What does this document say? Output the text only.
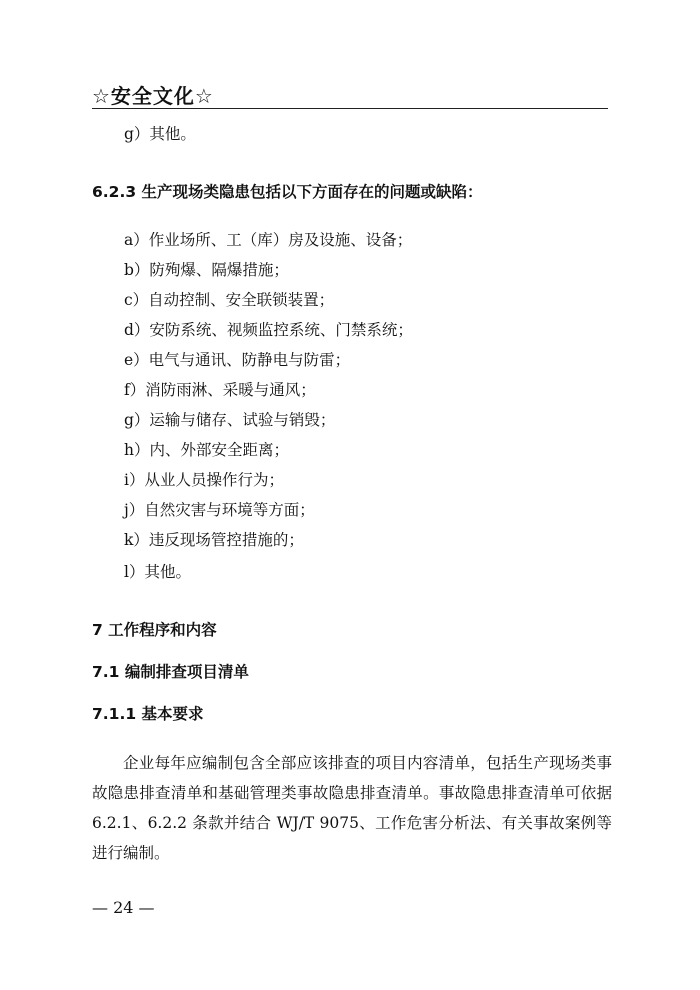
☆安全文化☆
g）其他。
6.2.3 生产现场类隐患包括以下方面存在的问题或缺陷：
a）作业场所、工（库）房及设施、设备；
b）防殉爆、隔爆措施；
c）自动控制、安全联锁装置；
d）安防系统、视频监控系统、门禁系统；
e）电气与通讯、防静电与防雷；
f）消防雨淋、采暖与通风；
g）运输与储存、试验与销毁；
h）内、外部安全距离；
i）从业人员操作行为；
j）自然灾害与环境等方面；
k）违反现场管控措施的；
l）其他。
7 工作程序和内容
7.1 编制排查项目清单
7.1.1 基本要求
企业每年应编制包含全部应该排查的项目内容清单，包括生产现场类事故隐患排查清单和基础管理类事故隐患排查清单。事故隐患排查清单可依据 6.2.1、6.2.2 条款并结合 WJ/T 9075、工作危害分析法、有关事故案例等进行编制。
— 24 —
